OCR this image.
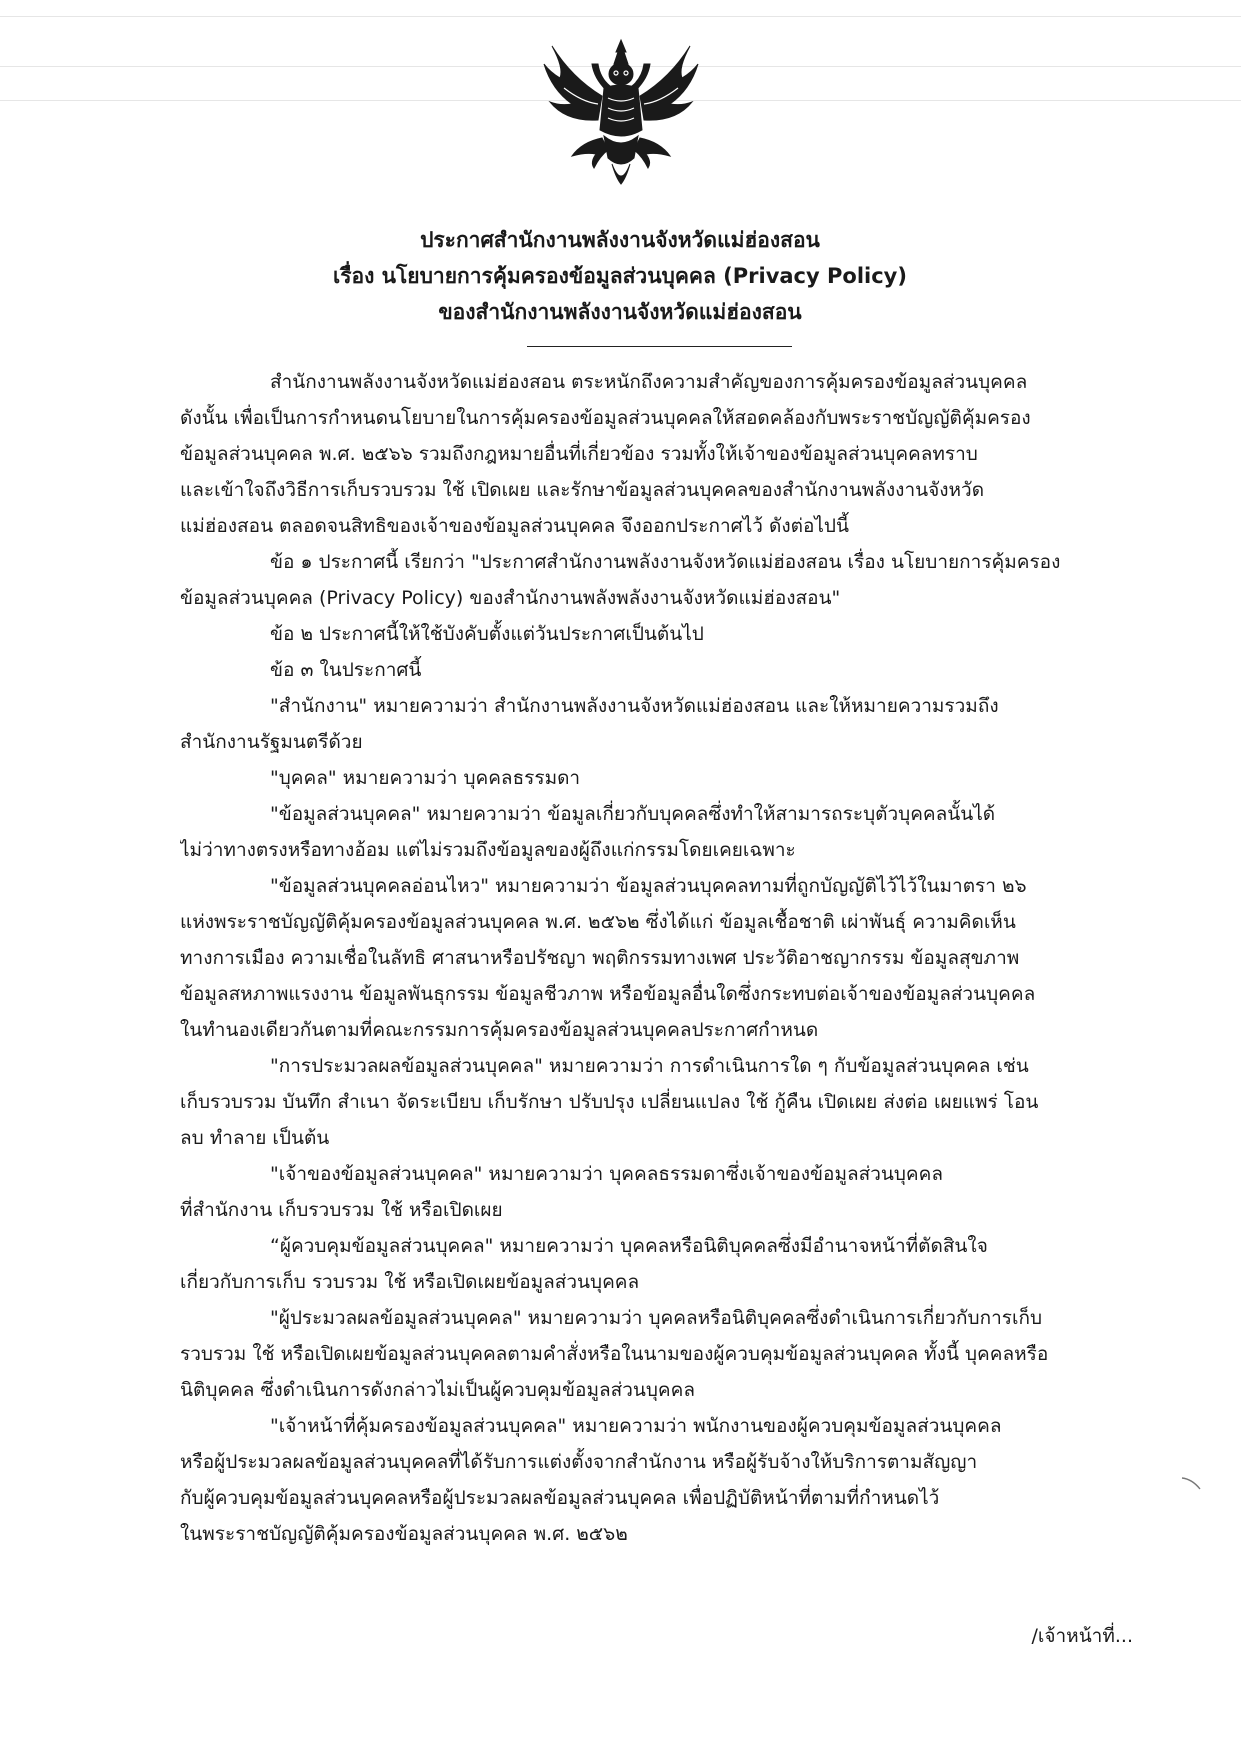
ประกาศสำนักงานพลังงานจังหวัดแม่ฮ่องสอน
เรื่อง นโยบายการคุ้มครองข้อมูลส่วนบุคคล (Privacy Policy)
ของสำนักงานพลังงานจังหวัดแม่ฮ่องสอน

สำนักงานพลังงานจังหวัดแม่ฮ่องสอน ตระหนักถึงความสำคัญของการคุ้มครองข้อมูลส่วนบุคคล
ดังนั้น เพื่อเป็นการกำหนดนโยบายในการคุ้มครองข้อมูลส่วนบุคคลให้สอดคล้องกับพระราชบัญญัติคุ้มครอง
ข้อมูลส่วนบุคคล พ.ศ. ๒๕๖๖ รวมถึงกฎหมายอื่นที่เกี่ยวข้อง รวมทั้งให้เจ้าของข้อมูลส่วนบุคคลทราบ
และเข้าใจถึงวิธีการเก็บรวบรวม ใช้ เปิดเผย และรักษาข้อมูลส่วนบุคคลของสำนักงานพลังงานจังหวัด
แม่ฮ่องสอน ตลอดจนสิทธิของเจ้าของข้อมูลส่วนบุคคล จึงออกประกาศไว้ ดังต่อไปนี้

ข้อ ๑ ประกาศนี้ เรียกว่า "ประกาศสำนักงานพลังงานจังหวัดแม่ฮ่องสอน เรื่อง นโยบายการคุ้มครอง
ข้อมูลส่วนบุคคล (Privacy Policy) ของสำนักงานพลังพลังงานจังหวัดแม่ฮ่องสอน"

ข้อ ๒ ประกาศนี้ให้ใช้บังคับตั้งแต่วันประกาศเป็นต้นไป

ข้อ ๓ ในประกาศนี้

"สำนักงาน" หมายความว่า สำนักงานพลังงานจังหวัดแม่ฮ่องสอน และให้หมายความรวมถึง
สำนักงานรัฐมนตรีด้วย

"บุคคล" หมายความว่า บุคคลธรรมดา

"ข้อมูลส่วนบุคคล" หมายความว่า ข้อมูลเกี่ยวกับบุคคลซึ่งทำให้สามารถระบุตัวบุคคลนั้นได้
ไม่ว่าทางตรงหรือทางอ้อม แต่ไม่รวมถึงข้อมูลของผู้ถึงแก่กรรมโดยเคยเฉพาะ

"ข้อมูลส่วนบุคคลอ่อนไหว" หมายความว่า ข้อมูลส่วนบุคคลทามที่ถูกบัญญัติไว้ไว้ในมาตรา ๒๖
แห่งพระราชบัญญัติคุ้มครองข้อมูลส่วนบุคคล พ.ศ. ๒๕๖๒ ซึ่งได้แก่ ข้อมูลเชื้อชาติ เผ่าพันธุ์ ความคิดเห็น
ทางการเมือง ความเชื่อในลัทธิ ศาสนาหรือปรัชญา พฤติกรรมทางเพศ ประวัติอาชญากรรม ข้อมูลสุขภาพ
ข้อมูลสหภาพแรงงาน ข้อมูลพันธุกรรม ข้อมูลชีวภาพ หรือข้อมูลอื่นใดซึ่งกระทบต่อเจ้าของข้อมูลส่วนบุคคล
ในทำนองเดียวกันตามที่คณะกรรมการคุ้มครองข้อมูลส่วนบุคคลประกาศกำหนด

"การประมวลผลข้อมูลส่วนบุคคล" หมายความว่า การดำเนินการใด ๆ กับข้อมูลส่วนบุคคล เช่น
เก็บรวบรวม บันทึก สำเนา จัดระเบียบ เก็บรักษา ปรับปรุง เปลี่ยนแปลง ใช้ กู้คืน เปิดเผย ส่งต่อ เผยแพร่ โอน
ลบ ทำลาย เป็นต้น

"เจ้าของข้อมูลส่วนบุคคล" หมายความว่า บุคคลธรรมดาซึ่งเจ้าของข้อมูลส่วนบุคคล
ที่สำนักงาน เก็บรวบรวม ใช้ หรือเปิดเผย

“ผู้ควบคุมข้อมูลส่วนบุคคล" หมายความว่า บุคคลหรือนิติบุคคลซึ่งมีอำนาจหน้าที่ตัดสินใจ
เกี่ยวกับการเก็บ รวบรวม ใช้ หรือเปิดเผยข้อมูลส่วนบุคคล

"ผู้ประมวลผลข้อมูลส่วนบุคคล" หมายความว่า บุคคลหรือนิติบุคคลซึ่งดำเนินการเกี่ยวกับการเก็บ
รวบรวม ใช้ หรือเปิดเผยข้อมูลส่วนบุคคลตามคำสั่งหรือในนามของผู้ควบคุมข้อมูลส่วนบุคคล ทั้งนี้ บุคคลหรือ
นิติบุคคล ซึ่งดำเนินการดังกล่าวไม่เป็นผู้ควบคุมข้อมูลส่วนบุคคล

"เจ้าหน้าที่คุ้มครองข้อมูลส่วนบุคคล" หมายความว่า พนักงานของผู้ควบคุมข้อมูลส่วนบุคคล
หรือผู้ประมวลผลข้อมูลส่วนบุคคลที่ได้รับการแต่งตั้งจากสำนักงาน หรือผู้รับจ้างให้บริการตามสัญญา
กับผู้ควบคุมข้อมูลส่วนบุคคลหรือผู้ประมวลผลข้อมูลส่วนบุคคล เพื่อปฏิบัติหน้าที่ตามที่กำหนดไว้
ในพระราชบัญญัติคุ้มครองข้อมูลส่วนบุคคล พ.ศ. ๒๕๖๒

/เจ้าหน้าที่...
